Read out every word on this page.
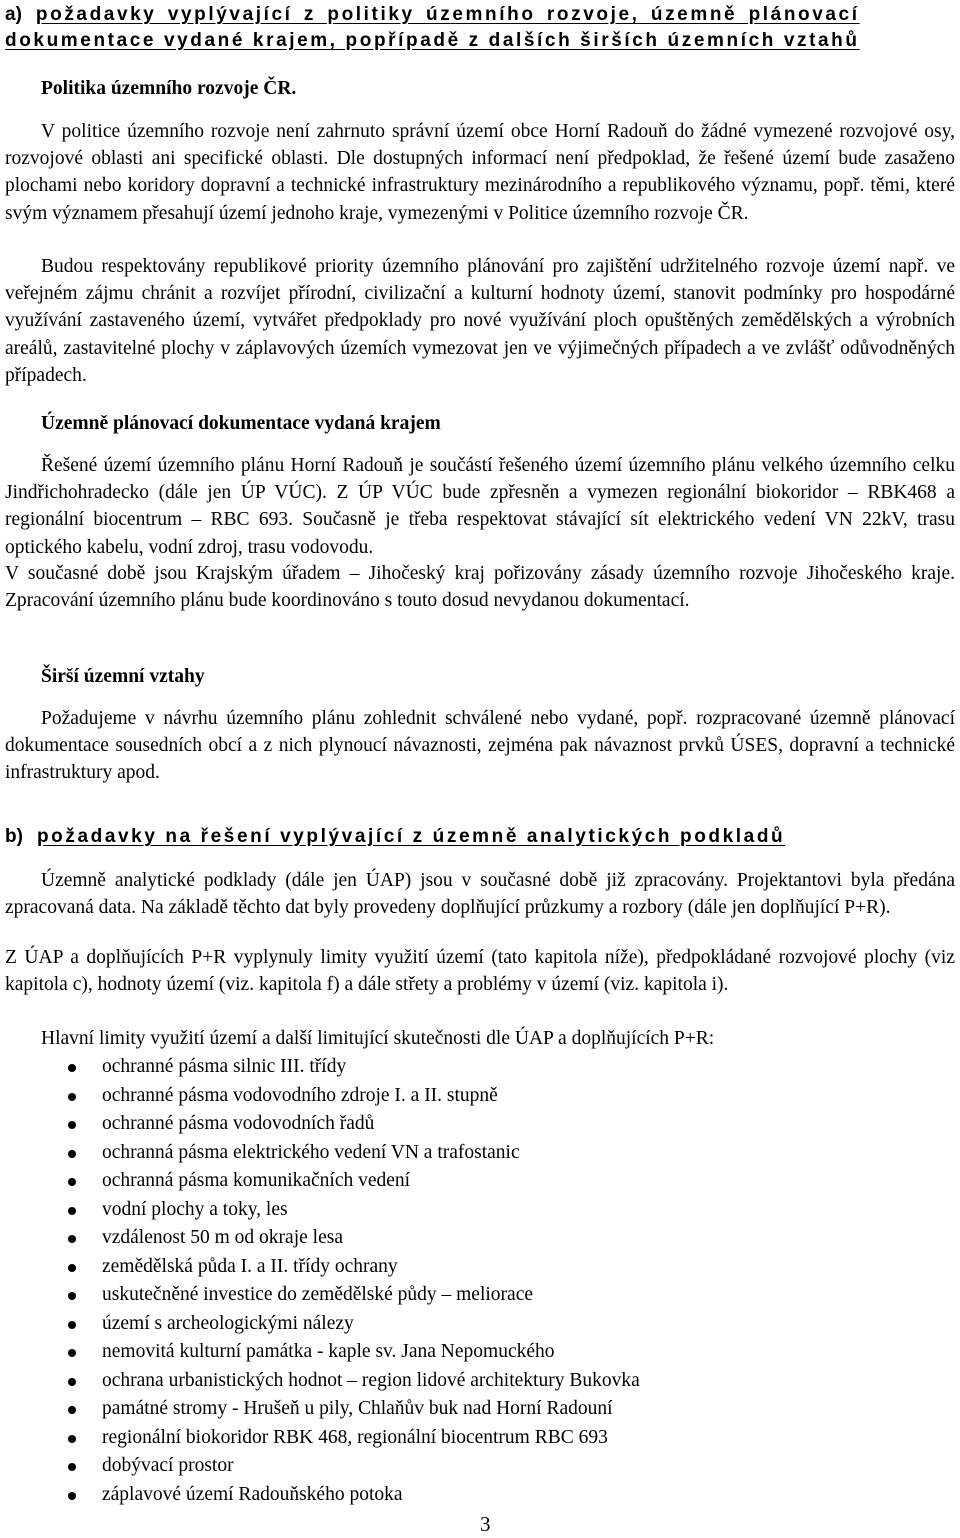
a) požadavky vyplývající z politiky územního rozvoje, územně plánovací
dokumentace vydané krajem, popřípadě z dalších širších územních vztahů
Politika územního rozvoje ČR.

V politice územního rozvoje není zahrnuto správní území obce Horní Radouň do žádné vymezené rozvojové osy, rozvojové oblasti ani specifické oblasti. Dle dostupných informací není předpoklad, že řešené území bude zasaženo plochami nebo koridory dopravní a technické infrastruktury mezinárodního a republikového významu, popř. těmi, které svým významem přesahují území jednoho kraje, vymezenými v Politice územního rozvoje ČR.

Budou respektovány republikové priority územního plánování pro zajištění udržitelného rozvoje území např. ve veřejném zájmu chránit a rozvíjet přírodní, civilizační a kulturní hodnoty území, stanovit podmínky pro hospodárné využívání zastaveného území, vytvářet předpoklady pro nové využívání ploch opuštěných zemědělských a výrobních areálů, zastavitelné plochy v záplavových územích vymezovat jen ve výjimečných případech a ve zvlášť odůvodněných případech.

Územně plánovací dokumentace vydaná krajem

Řešené území územního plánu Horní Radouň je součástí řešeného území územního plánu velkého územního celku Jindřichohradecko (dále jen ÚP VÚC). Z ÚP VÚC bude zpřesněn a vymezen regionální biokoridor – RBK468 a regionální biocentrum – RBC 693. Současně je třeba respektovat stávající sít elektrického vedení VN 22kV, trasu optického kabelu, vodní zdroj, trasu vodovodu.

V současné době jsou Krajským úřadem – Jihočeský kraj pořizovány zásady územního rozvoje Jihočeského kraje. Zpracování územního plánu bude koordinováno s touto dosud nevydanou dokumentací.

Širší územní vztahy

Požadujeme v návrhu územního plánu zohlednit schválené nebo vydané, popř. rozpracované územně plánovací dokumentace sousedních obcí a z nich plynoucí návaznosti, zejména pak návaznost prvků ÚSES, dopravní a technické infrastruktury apod.

b) požadavky na řešení vyplývající z územně analytických podkladů

Územně analytické podklady (dále jen ÚAP) jsou v současné době již zpracovány. Projektantovi byla předána zpracovaná data. Na základě těchto dat byly provedeny doplňující průzkumy a rozbory (dále jen doplňující P+R).

Z ÚAP a doplňujících P+R vyplynuly limity využití území (tato kapitola níže), předpokládané rozvojové plochy (viz kapitola c), hodnoty území (viz. kapitola f) a dále střety a problémy v území (viz. kapitola i).

Hlavní limity využití území a další limitující skutečnosti dle ÚAP a doplňujících P+R:

ochranné pásma silnic III. třídy
ochranné pásma vodovodního zdroje I. a II. stupně
ochranné pásma vodovodních řadů
ochranná pásma elektrického vedení VN a trafostanic
ochranná pásma komunikačních vedení
vodní plochy a toky, les
vzdálenost 50 m od okraje lesa
zemědělská půda I. a II. třídy ochrany
uskutečněné investice do zemědělské půdy – meliorace
území s archeologickými nálezy
nemovitá kulturní památka - kaple sv. Jana Nepomuckého
ochrana urbanistických hodnot – region lidové architektury Bukovka
památné stromy - Hrušeň u pily, Chlaňův buk nad Horní Radouní
regionální biokoridor RBK 468, regionální biocentrum RBC 693
dobývací prostor
záplavové území Radouňského potoka
3
